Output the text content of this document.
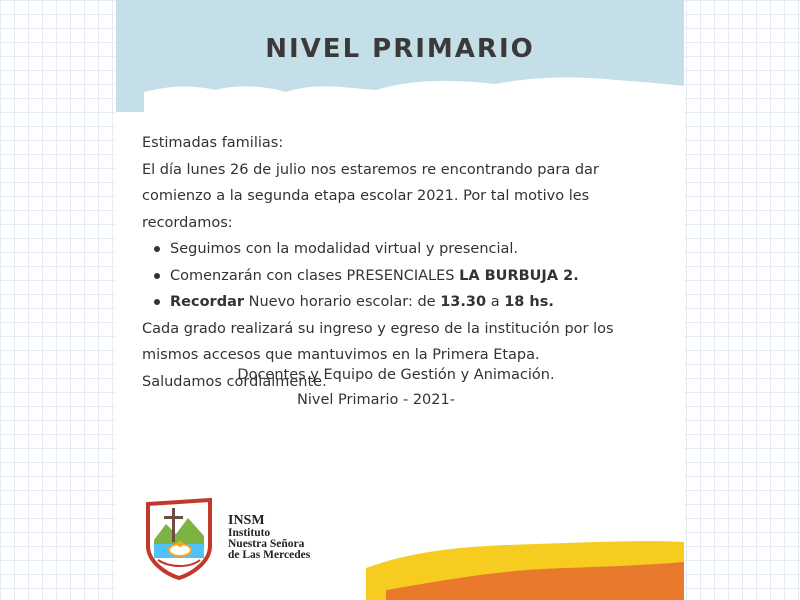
NIVEL PRIMARIO

Estimadas familias:

El día lunes 26 de julio nos estaremos re encontrando para dar comienzo a la segunda etapa escolar 2021. Por tal motivo les recordamos:

Seguimos con la modalidad virtual y presencial.
Comenzarán con clases PRESENCIALES LA BURBUJA 2.
Recordar Nuevo horario escolar: de 13.30 a 18 hs.

Cada grado realizará su ingreso y egreso de la institución por los mismos accesos que mantuvimos en la Primera Etapa.

Saludamos cordialmente.

Docentes y Equipo de Gestión y Animación.

Nivel Primario - 2021-

INSM
Instituto
Nuestra Señora
de Las Mercedes
